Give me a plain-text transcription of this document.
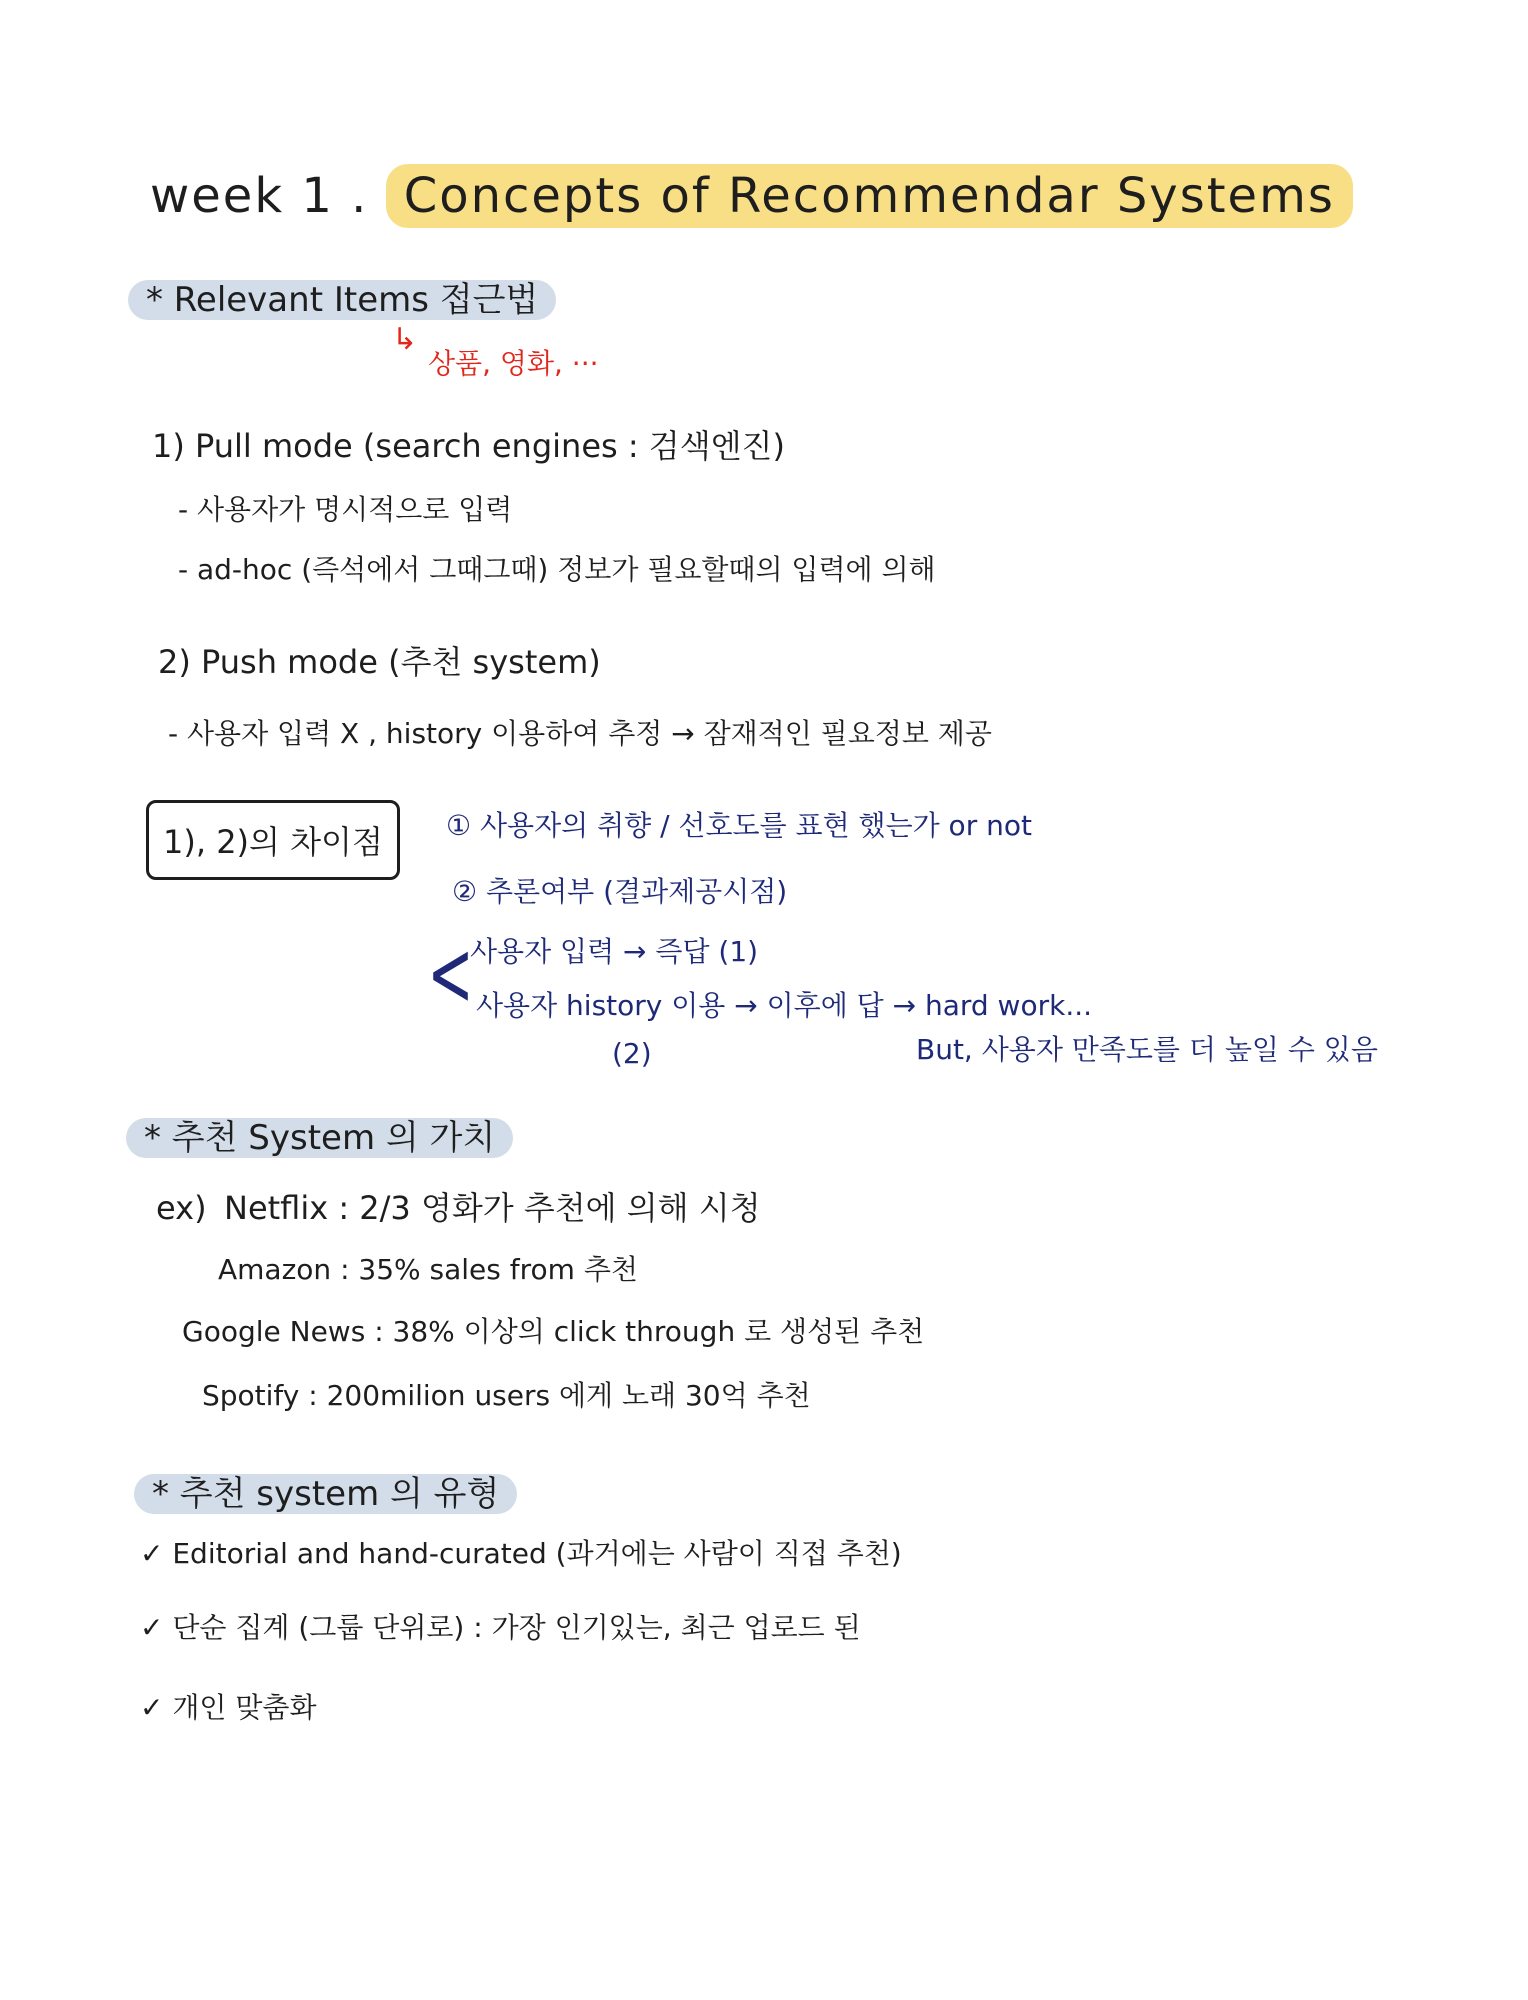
week 1 . Concepts of Recommendar Systems
* Relevant Items 접근법
↳
상품, 영화, ···
1) Pull mode (search engines : 검색엔진)
- 사용자가 명시적으로 입력
- ad-hoc (즉석에서 그때그때) 정보가 필요할때의 입력에 의해
2) Push mode (추천 system)
- 사용자 입력 X , history 이용하여 추정 → 잠재적인 필요정보 제공
1), 2)의 차이점	① 사용자의 취향 / 선호도를 표현 했는가 or not
② 추론여부 (결과제공시점)
<
사용자 입력 → 즉답 (1)
사용자 history 이용 → 이후에 답 → hard work...
(2)	But, 사용자 만족도를 더 높일 수 있음
* 추천 System 의 가치
ex) Netflix : 2/3 영화가 추천에 의해 시청
Amazon : 35% sales from 추천
Google News : 38% 이상의 click through 로 생성된 추천
Spotify : 200milion users 에게 노래 30억 추천
* 추천 system 의 유형
✓ Editorial and hand-curated (과거에는 사람이 직접 추천)
✓ 단순 집계 (그룹 단위로) : 가장 인기있는, 최근 업로드 된
✓ 개인 맞춤화
